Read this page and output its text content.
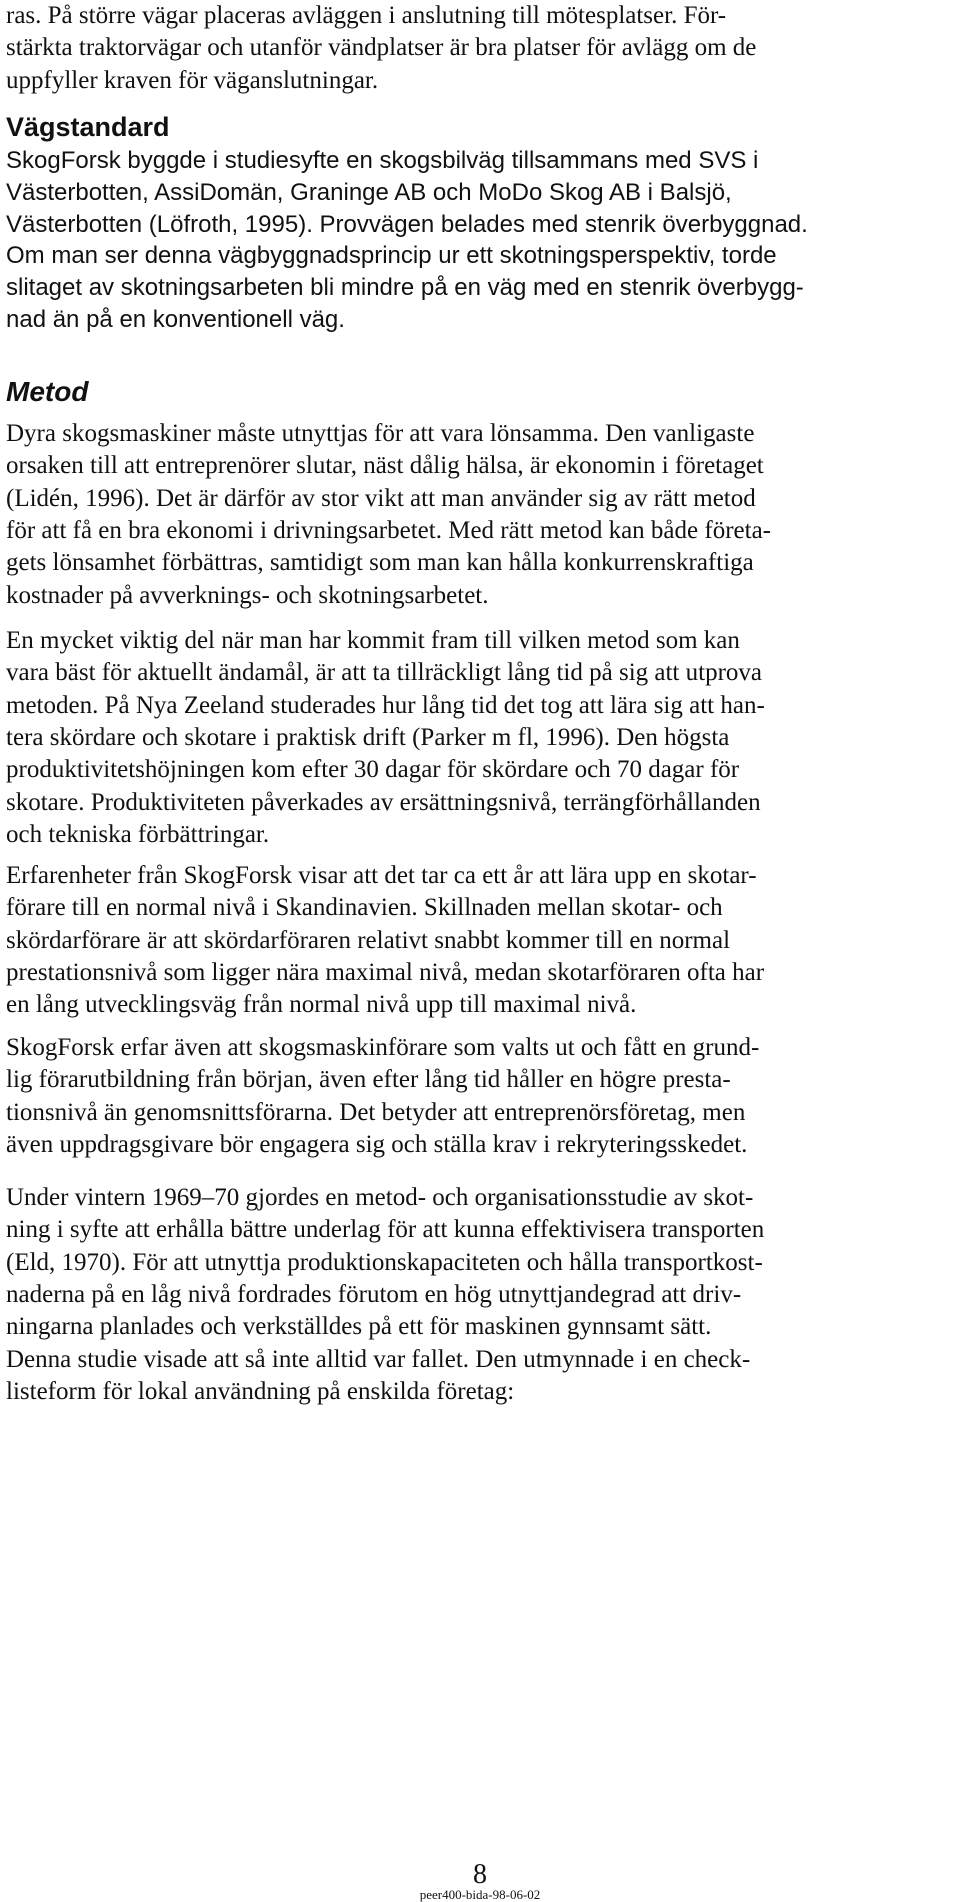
ras. På större vägar placeras avläggen i anslutning till mötesplatser. För-
stärkta traktorvägar och utanför vändplatser är bra platser för avlägg om de
uppfyller kraven för väganslutningar.
Vägstandard
SkogForsk byggde i studiesyfte en skogsbilväg tillsammans med SVS i
Västerbotten, AssiDomän, Graninge AB och MoDo Skog AB i Balsjö,
Västerbotten (Löfroth, 1995). Provvägen belades med stenrik överbyggnad.
Om man ser denna vägbyggnadsprincip ur ett skotningsperspektiv, torde
slitaget av skotningsarbeten bli mindre på en väg med en stenrik överbygg-
nad än på en konventionell väg.
Metod
Dyra skogsmaskiner måste utnyttjas för att vara lönsamma. Den vanligaste
orsaken till att entreprenörer slutar, näst dålig hälsa, är ekonomin i företaget
(Lidén, 1996). Det är därför av stor vikt att man använder sig av rätt metod
för att få en bra ekonomi i drivningsarbetet. Med rätt metod kan både företa-
gets lönsamhet förbättras, samtidigt som man kan hålla konkurrenskraftiga
kostnader på avverknings- och skotningsarbetet.
En mycket viktig del när man har kommit fram till vilken metod som kan
vara bäst för aktuellt ändamål, är att ta tillräckligt lång tid på sig att utprova
metoden. På Nya Zeeland studerades hur lång tid det tog att lära sig att han-
tera skördare och skotare i praktisk drift (Parker m fl, 1996). Den högsta
produktivitetshöjningen kom efter 30 dagar för skördare och 70 dagar för
skotare. Produktiviteten påverkades av ersättningsnivå, terrängförhållanden
och tekniska förbättringar.
Erfarenheter från SkogForsk visar att det tar ca ett år att lära upp en skotar-
förare till en normal nivå i Skandinavien. Skillnaden mellan skotar- och
skördarförare är att skördarföraren relativt snabbt kommer till en normal
prestationsnivå som ligger nära maximal nivå, medan skotarföraren ofta har
en lång utvecklingsväg från normal nivå upp till maximal nivå.
SkogForsk erfar även att skogsmaskinförare som valts ut och fått en grund-
lig förarutbildning från början, även efter lång tid håller en högre presta-
tionsnivå än genomsnittsförarna. Det betyder att entreprenörsföretag, men
även uppdragsgivare bör engagera sig och ställa krav i rekryteringsskedet.
Under vintern 1969–70 gjordes en metod- och organisationsstudie av skot-
ning i syfte att erhålla bättre underlag för att kunna effektivisera transporten
(Eld, 1970). För att utnyttja produktionskapaciteten och hålla transportkost-
naderna på en låg nivå fordrades förutom en hög utnyttjandegrad att driv-
ningarna planlades och verkställdes på ett för maskinen gynnsamt sätt.
Denna studie visade att så inte alltid var fallet. Den utmynnade i en check-
listeform för lokal användning på enskilda företag:
8
peer400-bida-98-06-02
